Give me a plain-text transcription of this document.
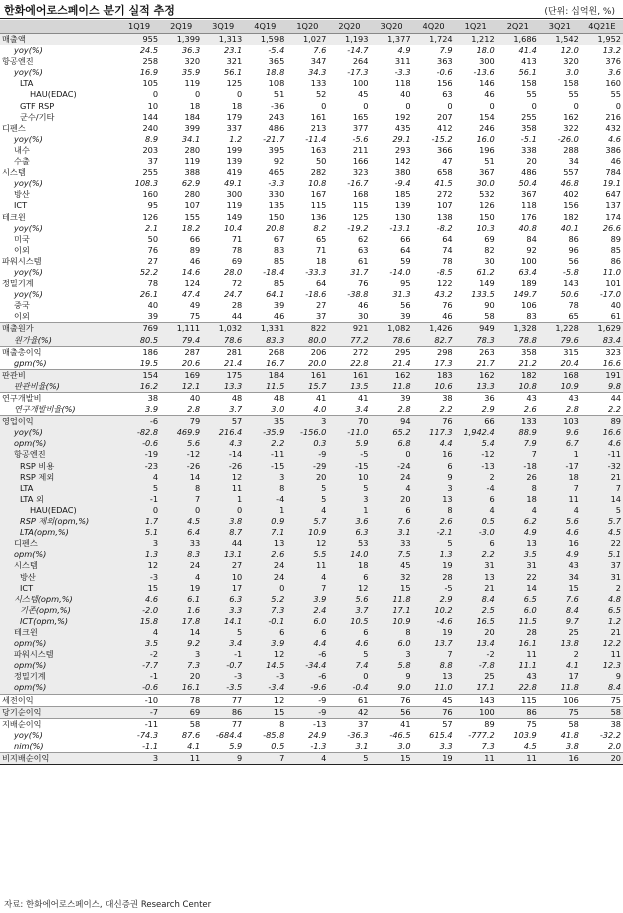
한화에어로스페이스 분기 실적 추정	(단위: 십억원, %)
	1Q19	2Q19	3Q19	4Q19	1Q20	2Q20	3Q20	4Q20	1Q21	2Q21	3Q21	4Q21E
매출액	955	1,399	1,313	1,598	1,027	1,193	1,377	1,724	1,212	1,686	1,542	1,952
yoy(%)	24.5	36.3	23.1	-5.4	7.6	-14.7	4.9	7.9	18.0	41.4	12.0	13.2
항공엔진	258	320	321	365	347	264	311	363	300	413	320	376
yoy(%)	16.9	35.9	56.1	18.8	34.3	-17.3	-3.3	-0.6	-13.6	56.1	3.0	3.6
LTA	105	119	125	108	133	100	118	156	146	158	158	160
HAU(EDAC)	0	0	0	51	52	45	40	63	46	55	55	55
GTF RSP	10	18	18	-36	0	0	0	0	0	0	0	0
군수/기타	144	184	179	243	161	165	192	207	154	255	162	216
디펜스	240	399	337	486	213	377	435	412	246	358	322	432
yoy(%)	8.9	34.1	1.2	-21.7	-11.4	-5.6	29.1	-15.2	16.0	-5.1	-26.0	4.6
내수	203	280	199	395	163	211	293	366	196	338	288	386
수출	37	119	139	92	50	166	142	47	51	20	34	46
시스템	255	388	419	465	282	323	380	658	367	486	557	784
yoy(%)	108.3	62.9	49.1	-3.3	10.8	-16.7	-9.4	41.5	30.0	50.4	46.8	19.1
방산	160	280	300	330	167	168	185	272	532	367	402	647
ICT	95	107	119	135	115	115	139	107	126	118	156	137
테크윈	126	155	149	150	136	125	130	138	150	176	182	174
yoy(%)	2.1	18.2	10.4	20.8	8.2	-19.2	-13.1	-8.2	10.3	40.8	40.1	26.6
미국	50	66	71	67	65	62	66	64	69	84	86	89
이외	76	89	78	83	71	63	64	74	82	92	96	85
파워시스템	27	46	69	85	18	61	59	78	30	100	56	86
yoy(%)	52.2	14.6	28.0	-18.4	-33.3	31.7	-14.0	-8.5	61.2	63.4	-5.8	11.0
정밀기계	78	124	72	85	64	76	95	122	149	189	143	101
yoy(%)	26.1	47.4	24.7	64.1	-18.6	-38.8	31.3	43.2	133.5	149.7	50.6	-17.0
중국	40	49	28	39	27	46	56	76	90	106	78	40
이외	39	75	44	46	37	30	39	46	58	83	65	61
매출원가	769	1,111	1,032	1,331	822	921	1,082	1,426	949	1,328	1,228	1,629
원가율(%)	80.5	79.4	78.6	83.3	80.0	77.2	78.6	82.7	78.3	78.8	79.6	83.4
매출총이익	186	287	281	268	206	272	295	298	263	358	315	323
gpm(%)	19.5	20.6	21.4	16.7	20.0	22.8	21.4	17.3	21.7	21.2	20.4	16.6
판관비	154	169	175	184	161	161	162	183	162	182	168	191
판관비율(%)	16.2	12.1	13.3	11.5	15.7	13.5	11.8	10.6	13.3	10.8	10.9	9.8
연구개발비	38	40	48	48	41	41	39	38	36	43	43	44
연구개발비율(%)	3.9	2.8	3.7	3.0	4.0	3.4	2.8	2.2	2.9	2.6	2.8	2.2
영업이익	-6	79	57	35	3	70	94	76	66	133	103	89
yoy(%)	-82.8	469.9	216.4	-35.9	-156.0	-11.0	65.2	117.3	1,942.4	88.9	9.6	16.6
opm(%)	-0.6	5.6	4.3	2.2	0.3	5.9	6.8	4.4	5.4	7.9	6.7	4.6
항공엔진	-19	-12	-14	-11	-9	-5	0	16	-12	7	1	-11
RSP 비용	-23	-26	-26	-15	-29	-15	-24	6	-13	-18	-17	-32
RSP 제외	4	14	12	3	20	10	24	9	2	26	18	21
LTA	5	8	11	8	5	5	4	3	-4	8	7	7
LTA 외	-1	7	1	-4	5	3	20	13	6	18	11	14
HAU(EDAC)	0	0	0	1	4	1	6	8	4	4	4	5
RSP 제외(opm,%)	1.7	4.5	3.8	0.9	5.7	3.6	7.6	2.6	0.5	6.2	5.6	5.7
LTA(opm,%)	5.1	6.4	8.7	7.1	10.9	6.3	3.1	-2.1	-3.0	4.9	4.6	4.5
디펜스	3	33	44	13	12	53	33	5	6	13	16	22
opm(%)	1.3	8.3	13.1	2.6	5.5	14.0	7.5	1.3	2.2	3.5	4.9	5.1
시스템	12	24	27	24	11	18	45	19	31	31	43	37
방산	-3	4	10	24	4	6	32	28	13	22	34	31
ICT	15	19	17	0	7	12	15	-5	21	14	15	2
시스템(opm,%)	4.6	6.1	6.3	5.2	3.9	5.6	11.8	2.9	8.4	6.5	7.6	4.8
기존(opm,%)	-2.0	1.6	3.3	7.3	2.4	3.7	17.1	10.2	2.5	6.0	8.4	6.5
ICT(opm,%)	15.8	17.8	14.1	-0.1	6.0	10.5	10.9	-4.6	16.5	11.5	9.7	1.2
테크윈	4	14	5	6	6	6	8	19	20	28	25	21
opm(%)	3.5	9.2	3.4	3.9	4.4	4.6	6.0	13.7	13.4	16.1	13.8	12.2
파워시스템	-2	3	-1	12	-6	5	3	7	-2	11	2	11
opm(%)	-7.7	7.3	-0.7	14.5	-34.4	7.4	5.8	8.8	-7.8	11.1	4.1	12.3
정밀기계	-1	20	-3	-3	-6	0	9	13	25	43	17	9
opm(%)	-0.6	16.1	-3.5	-3.4	-9.6	-0.4	9.0	11.0	17.1	22.8	11.8	8.4
세전이익	-10	78	77	12	-9	61	76	45	143	115	106	75
당기순이익	-7	69	86	15	-9	42	56	76	100	86	75	58
지배순이익	-11	58	77	8	-13	37	41	57	89	75	58	38
yoy(%)	-74.3	87.6	-684.4	-85.8	24.9	-36.3	-46.5	615.4	-777.2	103.9	41.8	-32.2
nim(%)	-1.1	4.1	5.9	0.5	-1.3	3.1	3.0	3.3	7.3	4.5	3.8	2.0
비지배순이익	3	11	9	7	4	5	15	19	11	11	16	20
자료: 한화에어로스페이스, 대신증권 Research Center
